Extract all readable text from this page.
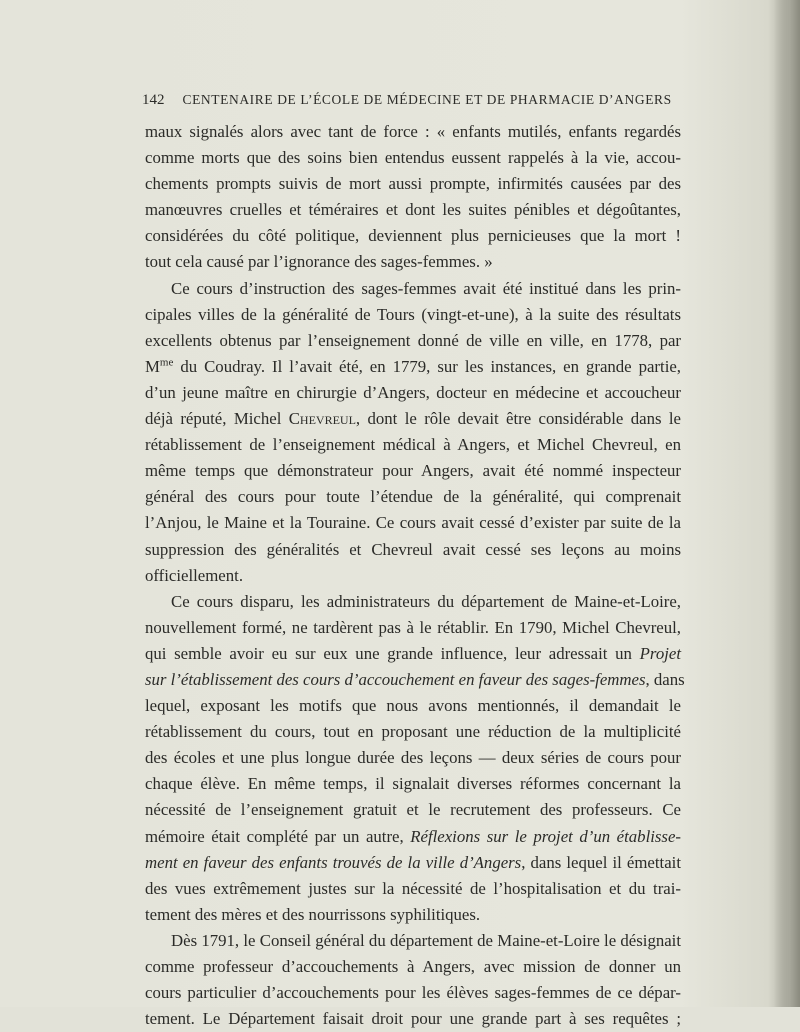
142 CENTENAIRE DE L’ÉCOLE DE MÉDECINE ET DE PHARMACIE D’ANGERS
maux signalés alors avec tant de force : « enfants mutilés, enfants regardés
comme morts que des soins bien entendus eussent rappelés à la vie, accou-
chements prompts suivis de mort aussi prompte, infirmités causées par des
manœuvres cruelles et téméraires et dont les suites pénibles et dégoûtantes,
considérées du côté politique, deviennent plus pernicieuses que la mort !
tout cela causé par l’ignorance des sages-femmes. »
Ce cours d’instruction des sages-femmes avait été institué dans les prin-
cipales villes de la généralité de Tours (vingt-et-une), à la suite des résultats
excellents obtenus par l’enseignement donné de ville en ville, en 1778, par
$M^{me}$ du Coudray. Il l’avait été, en 1779, sur les instances, en grande partie,
d’un jeune maître en chirurgie d’Angers, docteur en médecine et accoucheur
déjà réputé, Michel Chevreul, dont le rôle devait être considérable dans le
rétablissement de l’enseignement médical à Angers, et Michel Chevreul, en
même temps que démonstrateur pour Angers, avait été nommé inspecteur
général des cours pour toute l’étendue de la généralité, qui comprenait
l’Anjou, le Maine et la Touraine. Ce cours avait cessé d’exister par suite de la
suppression des généralités et Chevreul avait cessé ses leçons au moins
officiellement.
Ce cours disparu, les administrateurs du département de Maine-et-Loire,
nouvellement formé, ne tardèrent pas à le rétablir. En 1790, Michel Chevreul,
qui semble avoir eu sur eux une grande influence, leur adressait un Projet
sur l’établissement des cours d’accouchement en faveur des sages-femmes, dans
lequel, exposant les motifs que nous avons mentionnés, il demandait le
rétablissement du cours, tout en proposant une réduction de la multiplicité
des écoles et une plus longue durée des leçons — deux séries de cours pour
chaque élève. En même temps, il signalait diverses réformes concernant la
nécessité de l’enseignement gratuit et le recrutement des professeurs. Ce
mémoire était complété par un autre, Réflexions sur le projet d’un établisse-
ment en faveur des enfants trouvés de la ville d’Angers, dans lequel il émettait
des vues extrêmement justes sur la nécessité de l’hospitalisation et du trai-
tement des mères et des nourrissons syphilitiques.
Dès 1791, le Conseil général du département de Maine-et-Loire le désignait
comme professeur d’accouchements à Angers, avec mission de donner un
cours particulier d’accouchements pour les élèves sages-femmes de ce dépar-
tement. Le Département faisait droit pour une grande part à ses requêtes ;
